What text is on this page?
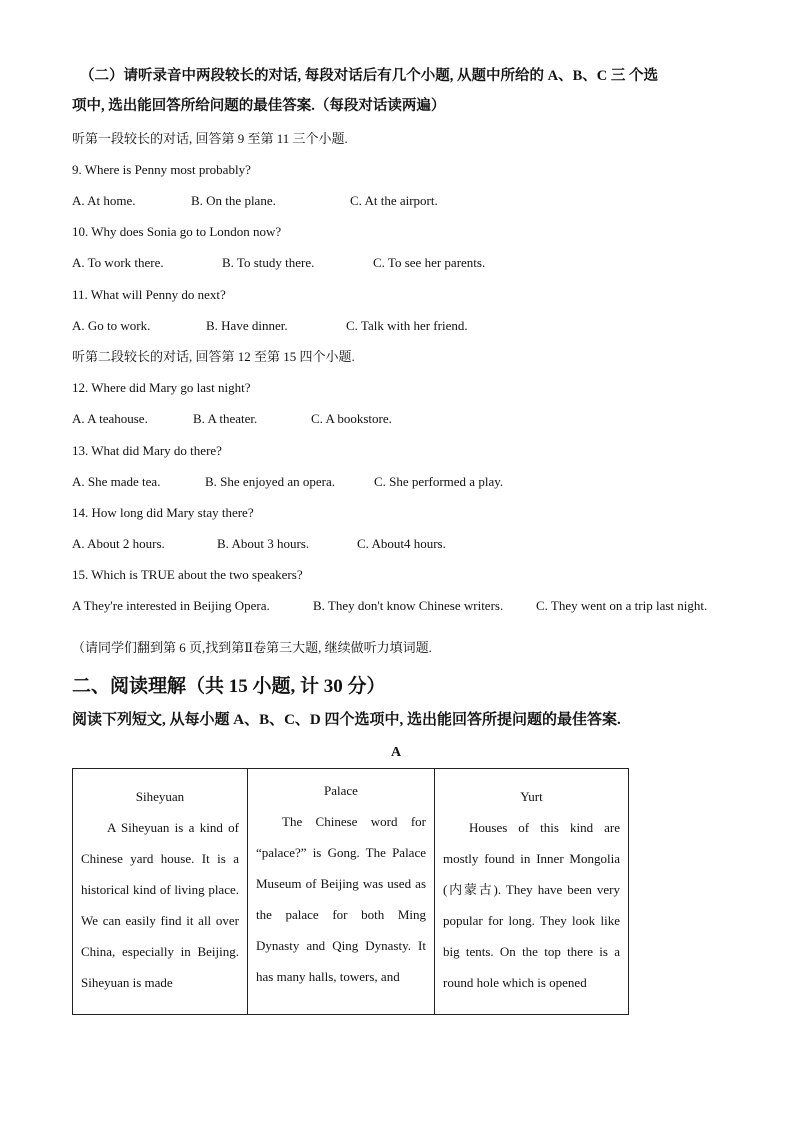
（二）请听录音中两段较长的对话, 每段对话后有几个小题, 从题中所给的 A、B、C 三 个选
项中, 选出能回答所给问题的最佳答案.（每段对话读两遍）
听第一段较长的对话, 回答第 9 至第 11 三个小题.
9. Where is Penny most probably?
A. At home.	B. On the plane.	C. At the airport.
10. Why does Sonia go to London now?
A. To work there.	B. To study there.	C. To see her parents.
11. What will Penny do next?
A. Go to work.	B. Have dinner.	C. Talk with her friend.
听第二段较长的对话, 回答第 12 至第 15 四个小题.
12. Where did Mary go last night?
A. A teahouse.	B. A theater.	C. A bookstore.
13. What did Mary do there?
A. She made tea.	B. She enjoyed an opera.	C. She performed a play.
14. How long did Mary stay there?
A. About 2 hours.	B. About 3 hours.	C. About4 hours.
15. Which is TRUE about the two speakers?
A They're interested in Beijing Opera.	B. They don't know Chinese writers.	C. They went on a trip last night.
（请同学们翻到第 6 页,找到第Ⅱ卷第三大题, 继续做听力填词题.
二、阅读理解（共 15 小题, 计 30 分）
阅读下列短文, 从每小题 A、B、C、D 四个选项中, 选出能回答所提问题的最佳答案.
A
Siheyuan
A Siheyuan is a kind of Chinese yard house. It is a historical kind of living place. We can easily find it all over China, especially in Beijing. Siheyuan is made

Palace
The Chinese word for “palace?” is Gong. The Palace Museum of Beijing was used as the palace for both Ming Dynasty and Qing Dynasty. It has many halls, towers, and

Yurt
Houses of this kind are mostly found in Inner Mongolia (内蒙古). They have been very popular for long. They look like big tents. On the top there is a round hole which is opened
